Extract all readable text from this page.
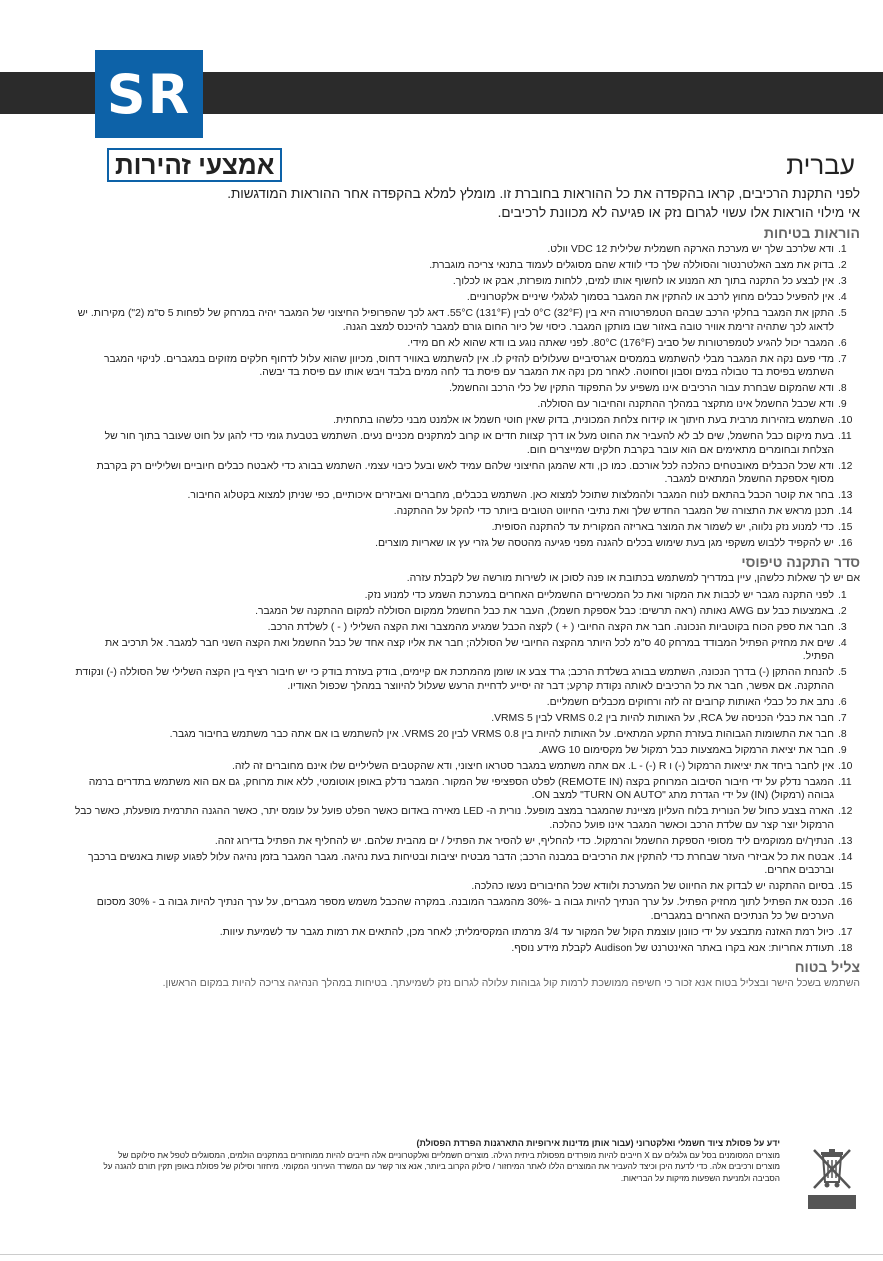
SR
אמצעי זהירות	עברית

לפני התקנת הרכיבים, קראו בהקפדה את כל ההוראות בחוברת זו. מומלץ למלא בהקפדה אחר ההוראות המודגשות.

אי מילוי הוראות אלו עשוי לגרום נזק או פגיעה לא מכוונת לרכיבים.

הוראות בטיחות
1.
ודא שלרכב שלך יש מערכת הארקה חשמלית שלילית VDC 12 וולט.
2.
בדוק את מצב האלטרנטור והסוללה שלך כדי לוודא שהם מסוגלים לעמוד בתנאי צריכה מוגברת.
3.
אין לבצע כל התקנה בתוך תא המנוע או לחשוף אותו למים, ללחות מופרזת, אבק או לכלוך.
4.
אין להפעיל כבלים מחוץ לרכב או להתקין את המגבר בסמוך לגלגלי שיניים אלקטרוניים.
5.
התקן את המגבר בחלקי הרכב שבהם הטמפרטורה היא בין 0°C (32°F) לבין 55°C (131°F). דאג לכך שהפרופיל החיצוני של המגבר יהיה במרחק של לפחות 5 ס"מ (2") מקירות. יש לדאוג לכך שתהיה זרימת אוויר טובה באזור שבו מותקן המגבר. כיסוי של כיור החום גורם למגבר להיכנס למצב הגנה.
6.
המגבר יכול להגיע לטמפרטורות של סביב 80°C (176°F). לפני שאתה נוגע בו ודא שהוא לא חם מידי.
7.
מדי פעם נקה את המגבר מבלי להשתמש בממסים אגרסיביים שעלולים להזיק לו. אין להשתמש באוויר דחוס, מכיוון שהוא עלול לדחוף חלקים מזוקים במגברים. לניקוי המגבר השתמש בפיסת בד טבולה במים וסבון וסחוטה. לאחר מכן נקה את המגבר עם פיסת בד לחה ממים בלבד ויבש אותו עם פיסת בד יבשה.
8.
ודא שהמקום שבחרת עבור הרכיבים אינו משפיע על התפקוד התקין של כלי הרכב והחשמל.
9.
ודא שכבל החשמל אינו מתקצר במהלך ההתקנה והחיבור עם הסוללה.
10.
השתמש בזהירות מרבית בעת חיתוך או קידוח צלחת המכונית, בדוק שאין חוטי חשמל או אלמנט מבני כלשהו בתחתית.
11.
בעת מיקום כבל החשמל, שים לב לא להעביר את החוט מעל או דרך קצוות חדים או קרוב למתקנים מכניים נעים. השתמש בטבעת גומי כדי להגן על חוט שעובר בתוך חור של הצלחת ובחומרים מתאימים אם הוא עובר בקרבת חלקים שמייצרים חום.
12.
ודא שכל הכבלים מאובטחים כהלכה לכל אורכם. כמו כן, ודא שהמגן החיצוני שלהם עמיד לאש ובעל כיבוי עצמי. השתמש בבורג כדי לאבטח כבלים חיוביים ושליליים רק בקרבת מסוף אספקת החשמל המתאים למגבר.
13.
בחר את קוטר הכבל בהתאם לנוח המגבר ולהמלצות שתוכל למצוא כאן. השתמש בכבלים, מחברים ואביזרים איכותיים, כפי שניתן למצוא בקטלוג החיבור.
14.
תכנן מראש את התצורה של המגבר החדש שלך ואת נתיבי החיווט הטובים ביותר כדי להקל על ההתקנה.
15.
כדי למנוע נזק נלווה, יש לשמור את המוצר באריזה המקורית עד להתקנה הסופית.
16.
יש להקפיד ללבוש משקפי מגן בעת שימוש בכלים להגנה מפני פגיעה מהטסה של גזרי עץ או שאריות מוצרים.
סדר התקנה טיפוסי

אם יש לך שאלות כלשהן, עיין במדריך למשתמש בכתובת או פנה לסוכן או לשירות מורשה של לקבלת עזרה.

1.
לפני התקנה מגבר יש לכבות את המקור ואת כל המכשירים החשמליים האחרים במערכת השמע כדי למנוע נזק.
2.
באמצעות כבל עם AWG נאותה (ראה תרשים: כבל אספקת חשמל), העבר את כבל החשמל ממקום הסוללה למקום ההתקנה של המגבר.
3.
חבר את ספק הכוח בקוטביות הנכונה. חבר את הקצה החיובי ( + ) לקצה הכבל שמגיע מהמצבר ואת הקצה השלילי ( - ) לשלדת הרכב.
4.
שים את מחזיק הפתיל המבודד במרחק 40 ס"מ לכל היותר מהקצה החיובי של הסוללה; חבר את אליו קצה אחד של כבל החשמל ואת הקצה השני חבר למגבר. אל תרכיב את הפתיל.
5.
להנחת ההתקן (-) בדרך הנכונה, השתמש בבורג בשלדת הרכב; גרד צבע או שומן מהמתכת אם קיימים, בודק בעזרת בודק כי יש חיבור רציף בין הקצה השלילי של הסוללה (-) ונקודת ההתקנה. אם אפשר, חבר את כל הרכיבים לאותה נקודת קרקע; דבר זה יסייע לדחיית הרעש שעלול להיווצר במהלך שכפול האודיו.
6.
נתב את כל כבלי האותות קרובים זה לזה ורחוקים מכבלים חשמליים.
7.
חבר את כבלי הכניסה של RCA, על האותות להיות בין VRMS 0.2 לבין VRMS 5.
8.
חבר את התשומות הגבוהות בעזרת התקע המתאים. על האותות להיות בין VRMS 0.8 לבין VRMS 20. אין להשתמש בו אם אתה כבר משתמש בחיבור מגבר.
9.
חבר את יציאת הרמקול באמצעות כבל רמקול של מקסימום AWG 10.
10.
אין לחבר ביחד את יציאות הרמקול (-) ו L - (-) R. אם אתה משתמש במגבר סטראו חיצוני, ודא שהקטבים השליליים שלו אינם מחוברים זה לזה.
11.
המגבר נדלק על ידי חיבור הסיבוב המרוחק בקצה (REMOTE IN) לפלט הספציפי של המקור. המגבר נדלק באופן אוטומטי, ללא אות מרוחק, גם אם הוא משתמש בתדרים ברמה גבוהה (רמקול) (IN) על ידי הגדרת מתג "TURN ON AUTO" למצב ON.
12.
הארה בצבע כחול של הנורית בלוח העליון מציינת שהמגבר במצב מופעל. נורית ה- LED מאירה באדום כאשר הפלט פועל על עומס יתר, כאשר ההגנה התרמית מופעלת, כאשר כבל הרמקול יוצר קצר עם שלדת הרכב וכאשר המגבר אינו פועל כהלכה.
13.
הנתיך/ים ממוקמים ליד מסופי הספקת החשמל והרמקול. כדי להחליף, יש להסיר את הפתיל / ים מהבית שלהם. יש להחליף את הפתיל בדירוג זהה.
14.
אבטח את כל אביזרי העזר שבחרת כדי להתקין את הרכיבים במבנה הרכב; הדבר מבטיח יציבות ובטיחות בעת נהיגה. מגבר המגבר בזמן נהיגה עלול לפגוע קשות באנשים ברכבך וברכבים אחרים.
15.
בסיום ההתקנה יש לבדוק את החיווט של המערכת ולוודא שכל החיבורים נעשו כהלכה.
16.
הכנס את הפתיל לתוך מחזיק הפתיל. על ערך הנתיך להיות גבוה ב -30% מהמגבר המובנה. במקרה שהכבל משמש מספר מגברים, על ערך הנתיך להיות גבוה ב - 30% מסכום הערכים של כל הנתיכים האחרים במגברים.
17.
כיול רמת האזנה מתבצע על ידי כוונון עוצמת הקול של המקור עד 3/4 מרמתו המקסימלית; לאחר מכן, להתאים את רמות מגבר עד לשמיעת עיוות.
18.
תעודת אחריות: אנא בקרו באתר האינטרנט של Audison לקבלת מידע נוסף.
צליל בטוח

השתמש בשכל הישר ובצליל בטוח אנא זכור כי חשיפה ממושכת לרמות קול גבוהות עלולה לגרום נזק לשמיעתך. בטיחות במהלך הנהיגה צריכה להיות במקום הראשון.

ידע על פסולת ציוד חשמלי ואלקטרוני (עבור אותן מדינות אירופיות התארגנות הפרדת הפסולת)
מוצרים המסומנים בסל עם גלגלים עם X חייבים להיות מופרדים מפסולת ביתית רגילה. מוצרים חשמליים ואלקטרוניים אלה חייבים להיות ממוחזרים במתקנים הולמים, המסוגלים לטפל את סילוקם של מוצרים ורכיבים אלה. כדי לדעת היכן וכיצד להעביר את המוצרים הללו לאתר המיחזור / סילוק הקרוב ביותר, אנא צור קשר עם המשרד העירוני המקומי. מיחזור וסילוק של פסולת באופן תקין תורם להגנה על הסביבה ולמניעת השפעות מזיקות על הבריאות.
